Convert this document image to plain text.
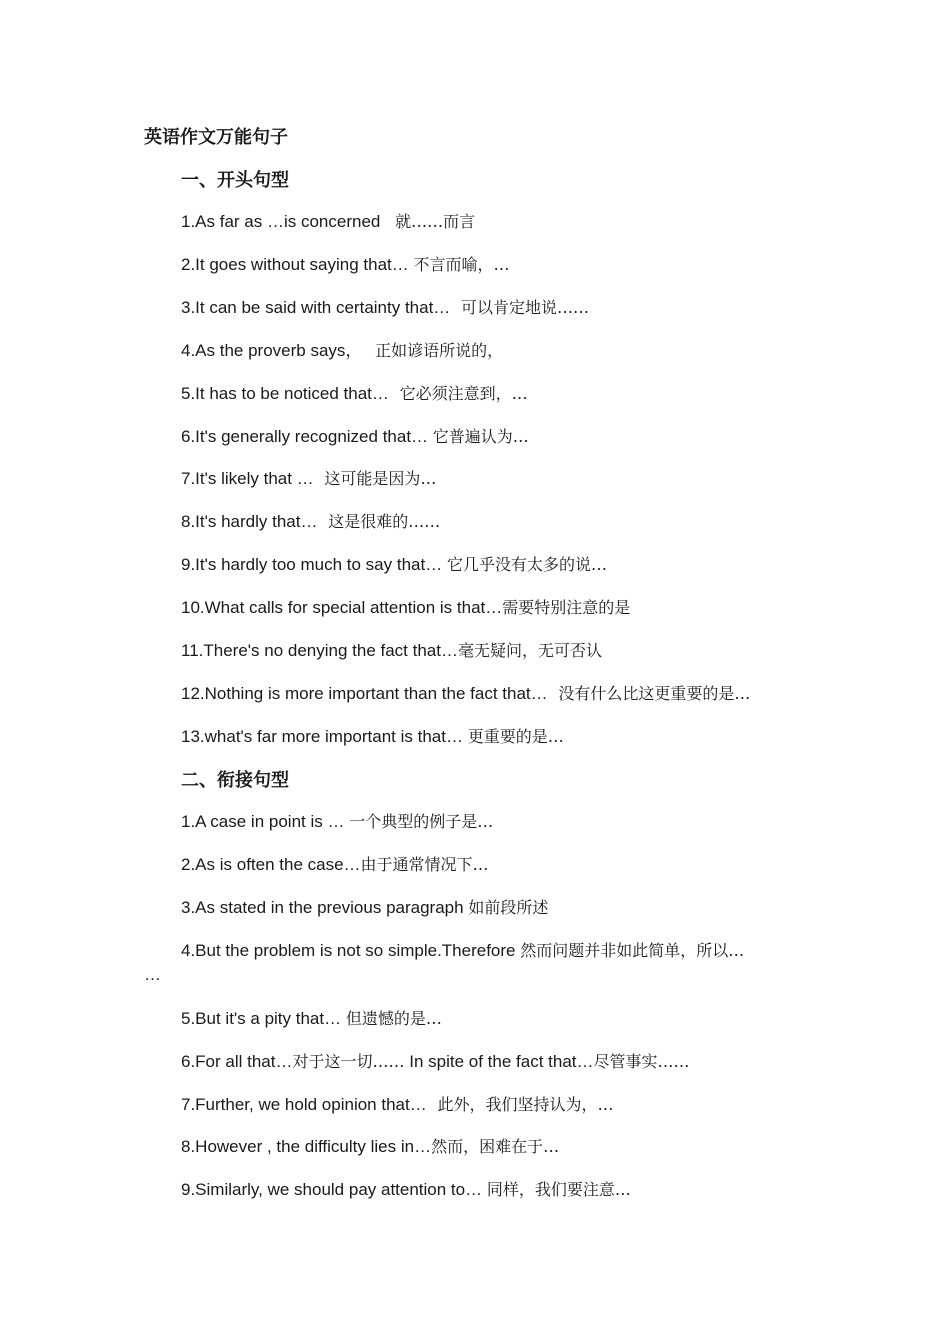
英语作文万能句子
一、开头句型
1.As far as …is concerned 就……而言
2.It goes without saying that… 不言而喻，…
3.It can be said with certainty that… 可以肯定地说……
4.As the proverb says， 正如谚语所说的，
5.It has to be noticed that… 它必须注意到，…
6.It's generally recognized that… 它普遍认为…
7.It's likely that … 这可能是因为…
8.It's hardly that… 这是很难的……
9.It's hardly too much to say that… 它几乎没有太多的说…
10.What calls for special attention is that…需要特别注意的是
11.There's no denying the fact that…毫无疑问，无可否认
12.Nothing is more important than the fact that… 没有什么比这更重要的是…
13.what's far more important is that… 更重要的是…
二、衔接句型
1.A case in point is … 一个典型的例子是…
2.As is often the case…由于通常情况下…
3.As stated in the previous paragraph 如前段所述
4.But the problem is not so simple.Therefore 然而问题并非如此简单，所以…
…
5.But it's a pity that… 但遗憾的是…
6.For all that…对于这一切…… In spite of the fact that…尽管事实……
7.Further, we hold opinion that… 此外，我们坚持认为，…
8.However , the difficulty lies in…然而，困难在于…
9.Similarly, we should pay attention to… 同样，我们要注意…
